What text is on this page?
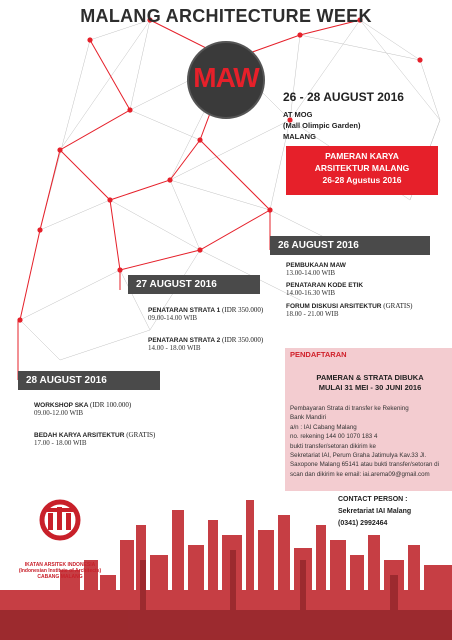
MALANG ARCHITECTURE WEEK
MAW
26 - 28 AUGUST 2016
AT MOG
(Mall Olimpic Garden)
MALANG
PAMERAN KARYA
ARSITEKTUR MALANG
26-28 Agustus 2016
26 AUGUST 2016
PEMBUKAAN MAW
13.00-14.00 WIB
PENATARAN KODE ETIK
14.00-16.30 WIB
FORUM DISKUSI ARSITEKTUR (GRATIS)
18.00 - 21.00 WIB
27 AUGUST 2016
PENATARAN STRATA 1 (IDR 350.000)
09.00-14.00 WIB
PENATARAN STRATA 2 (IDR 350.000)
14.00 - 18.00 WIB
28 AUGUST 2016
WORKSHOP SKA (IDR 100.000)
09.00-12.00 WIB
BEDAH KARYA ARSITEKTUR (GRATIS)
17.00 - 18.00 WIB
PENDAFTARAN
PAMERAN & STRATA DIBUKA
MULAI 31 MEI - 30 JUNI 2016
Pembayaran Strata di transfer ke Rekening
Bank Mandiri
a/n : IAI Cabang Malang
no. rekening 144 00 1070 183 4
bukti transfer/setoran dikirim ke
Sekretariat IAI, Perum Graha Jatimulya Kav.33 Jl.
Saxopone Malang 65141 atau bukti transfer/setoran di
scan dan dikirim ke email: iai.arema09@gmail.com
CONTACT PERSON :
Sekretariat IAI Malang
(0341) 2992464
IKATAN ARSITEK INDONESIA
(Indonesian Institute of Architects)
CABANG MALANG
